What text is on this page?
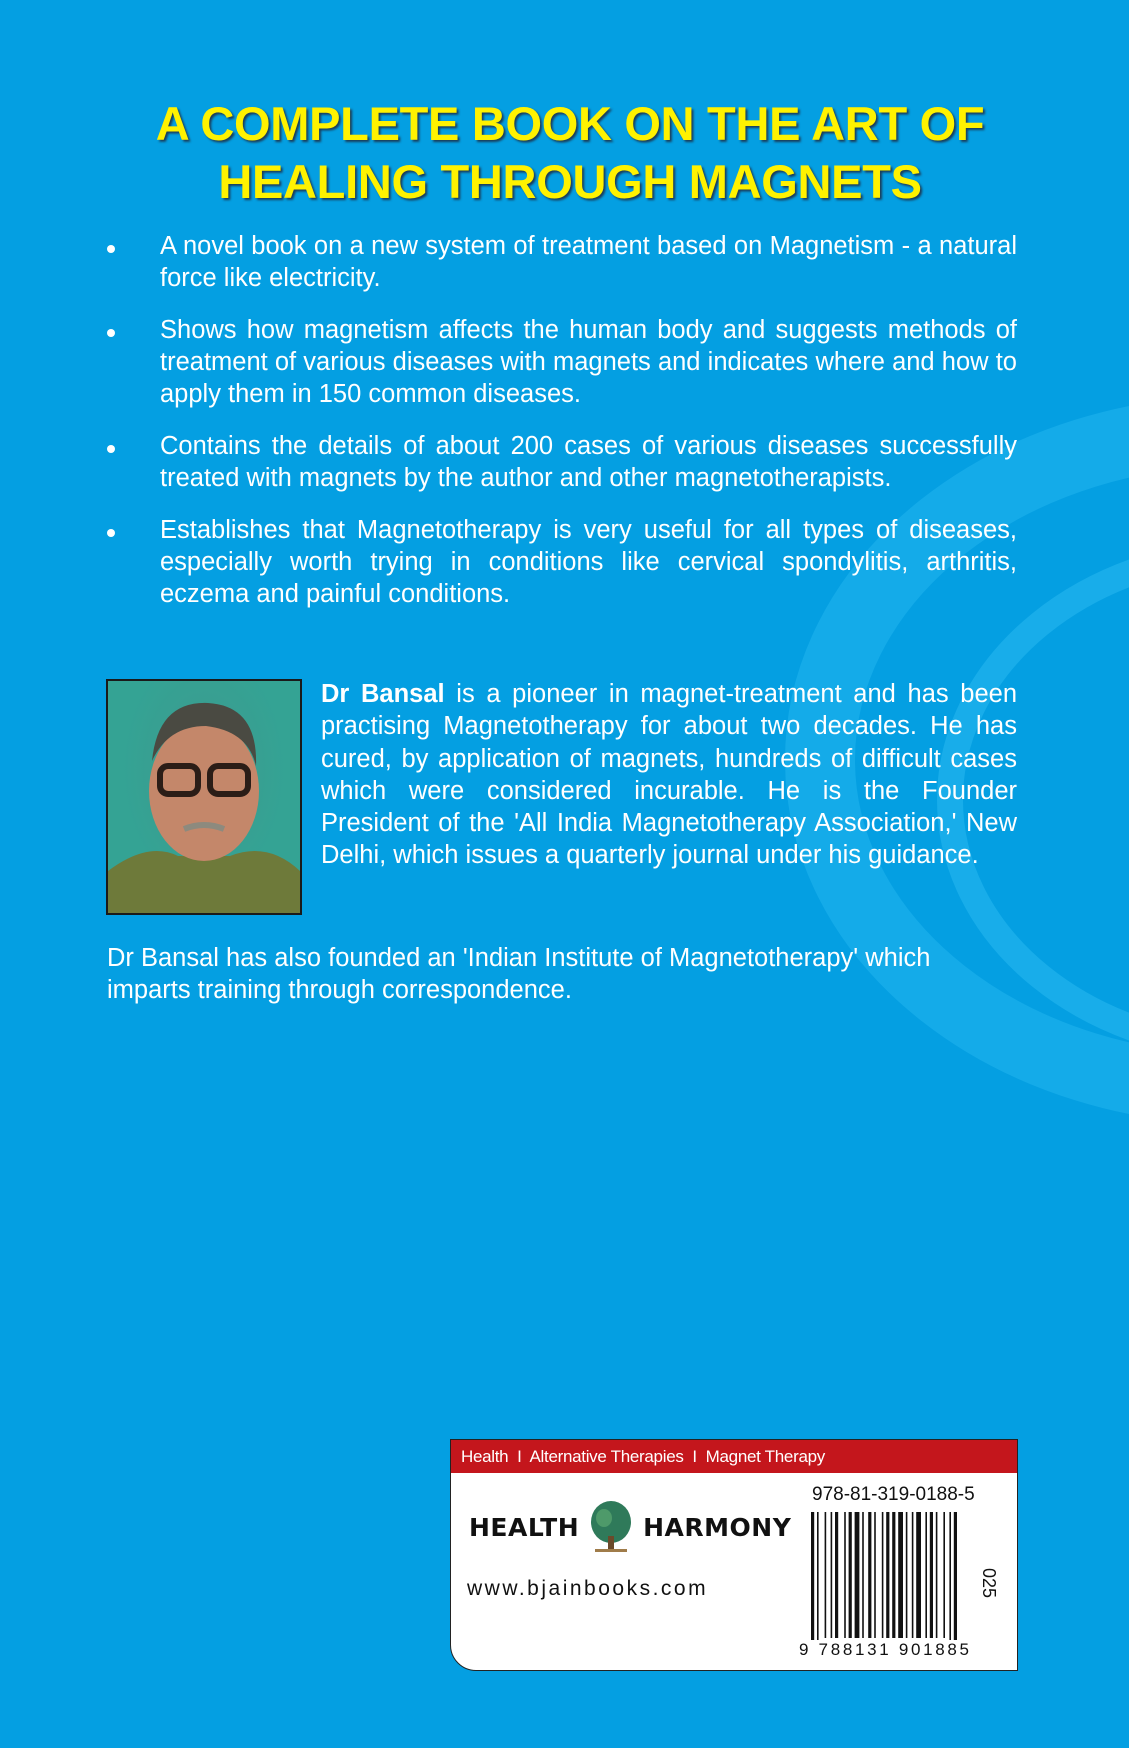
A COMPLETE BOOK ON THE ART OF
HEALING THROUGH MAGNETS
A novel book on a new system of treatment based on Magnetism - a natural force like electricity.
Shows how magnetism affects the human body and suggests methods of treatment of various diseases with magnets and indicates where and how to apply them in 150 common diseases.
Contains the details of about 200 cases of various diseases successfully treated with magnets by the author and other magnetotherapists.
Establishes that Magnetotherapy is very useful for all types of diseases, especially worth trying in conditions like cervical spondylitis, arthritis, eczema and painful conditions.

Dr Bansal is a pioneer in magnet-treatment and has been practising Magnetotherapy for about two decades. He has cured, by application of magnets, hundreds of difficult cases which were considered incurable. He is the Founder President of the 'All India Magnetotherapy Association,' New Delhi, which issues a quarterly journal under his guidance.

Dr Bansal has also founded an 'Indian Institute of Magnetotherapy' which imparts training through correspondence.

Health  I  Alternative Therapies  I  Magnet Therapy
HEALTH	HARMONY
www.bjainbooks.com
978-81-319-0188-5
9 788131 901885
025
